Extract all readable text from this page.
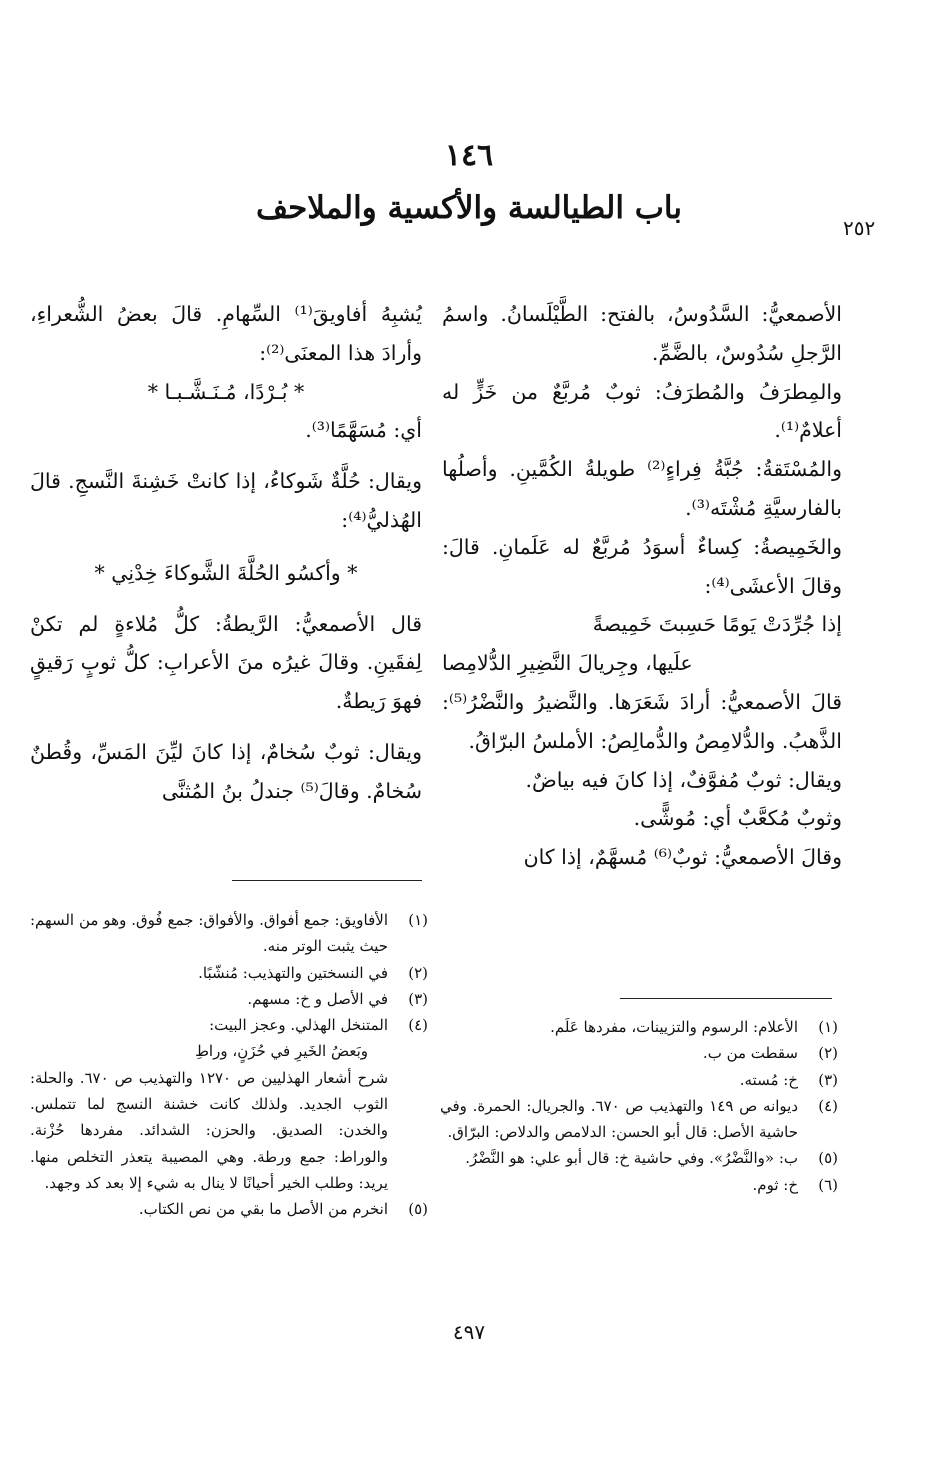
١٤٦
باب الطيالسة والأكسية والملاحف
٢٥٢

الأصمعيُّ: السَّدُوسُ، بالفتح: الطَّيْلَسانُ. واسمُ الرَّجلِ سُدُوسٌ، بالضَّمِّ.

والمِطرَفُ والمُطرَفُ: ثوبٌ مُربَّعٌ من خَزٍّ له أعلامٌ⁽¹⁾.

والمُسْتَقةُ: جُبَّةُ فِراءٍ⁽²⁾ طويلةُ الكُمَّينِ. وأصلُها بالفارسيَّةِ مُشْتَه⁽³⁾.

والخَمِيصةُ: كِساءٌ أسوَدُ مُربَّعٌ له عَلَمانِ. قالَ: وقالَ الأعشَى⁽⁴⁾:

إذا جُرِّدَتْ يَومًا حَسِبتَ خَمِيصةً
علَيها، وجِريالَ النَّضِيرِ الدُّلامِصا

قالَ الأصمعيُّ: أرادَ شَعَرَها. والنَّضيرُ والنَّضْرُ⁽⁵⁾: الذَّهبُ. والدُّلامِصُ والدُّمالِصُ: الأملسُ البرّاقُ.

ويقال: ثوبٌ مُفوَّفٌ، إذا كانَ فيه بياضٌ.

وثوبٌ مُكعَّبٌ أي: مُوشًّى.

وقالَ الأصمعيُّ: ثوبٌ⁽⁶⁾ مُسهَّمٌ، إذا كان

يُشبِهُ أفاويقَ⁽¹⁾ السِّهامِ. قالَ بعضُ الشُّعراءِ، وأرادَ هذا المعنَى⁽²⁾:

* بُـرْدًا، مُـنَـشَّـبـا *

أي: مُسَهَّمًا⁽³⁾.

ويقال: حُلَّةٌ شَوكاءُ، إذا كانتْ خَشِنةَ النَّسجِ. قالَ الهُذليُّ⁽⁴⁾:

* وأكسُو الحُلَّةَ الشَّوكاءَ خِدْنِي *

قال الأصمعيُّ: الرَّيطةُ: كلُّ مُلاءةٍ لم تكنْ لِفقَينِ. وقالَ غيرُه منَ الأعرابِ: كلُّ ثوبٍ رَقيقٍ فهوَ رَيطةٌ.

ويقال: ثوبٌ سُخامٌ، إذا كانَ ليِّنَ المَسِّ، وقُطنٌ سُخامٌ. وقالَ⁽⁵⁾ جندلُ بنُ المُثنَّى

(١)
الأعلام: الرسوم والتزيينات، مفردها عَلَم.
(٢)
سقطت من ب.
(٣)
خ: مُسته.
(٤)
ديوانه ص ١٤٩ والتهذيب ص ٦٧٠. والجريال: الحمرة. وفي حاشية الأصل: قال أبو الحسن: الدلامص والدلاص: البرّاق.
(٥)
ب: «والنَّضْرُ». وفي حاشية خ: قال أبو علي: هو النَّضْرُ.
(٦)
خ: ثوم.
(١)
الأفاويق: جمع أفواق. والأفواق: جمع فُوق. وهو من السهم: حيث يثبت الوتر منه.
(٢)
في النسختين والتهذيب: مُنشّبًا.
(٣)
في الأصل و خ: مسهم.
(٤)
المتنخل الهذلي. وعجز البيت:
وبَعضُ الخَيرِ في حُزَنٍ، وراطِ
شرح أشعار الهذليين ص ١٢٧٠ والتهذيب ص ٦٧٠. والحلة: الثوب الجديد. ولذلك كانت خشنة النسج لما تتملس. والخدن: الصديق. والحزن: الشدائد. مفردها حُزْنة. والوراط: جمع ورطة. وهي المصيبة يتعذر التخلص منها. يريد: وطلب الخير أحيانًا لا ينال به شيء إلا بعد كد وجهد.
(٥)
انخرم من الأصل ما بقي من نص الكتاب.
٤٩٧
